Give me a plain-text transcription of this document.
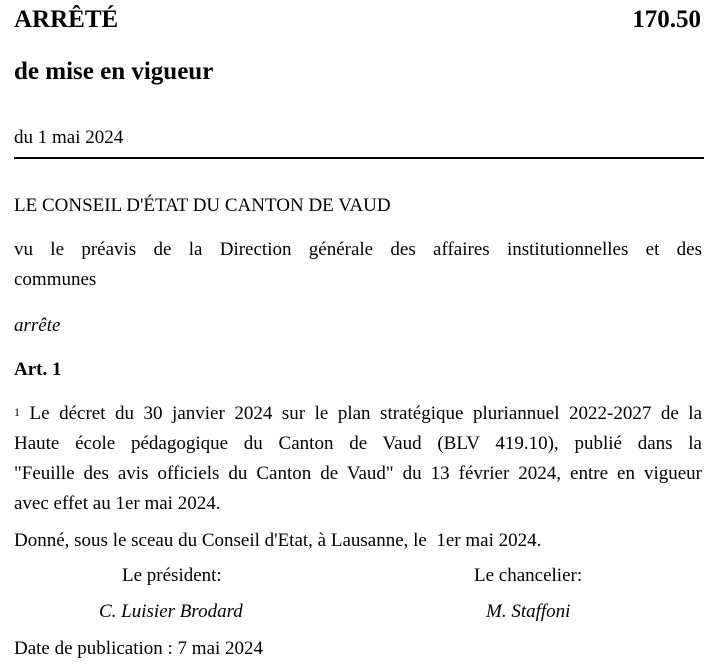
ARRÊTÉ	170.50
de mise en vigueur
du 1 mai 2024
LE CONSEIL D'ÉTAT DU CANTON DE VAUD
vu le préavis de la Direction générale des affaires institutionnelles et des
communes
arrête
Art. 1
$^1$ Le décret du 30 janvier 2024 sur le plan stratégique pluriannuel 2022-2027 de la
Haute école pédagogique du Canton de Vaud (BLV 419.10), publié dans la
"Feuille des avis officiels du Canton de Vaud" du 13 février 2024, entre en vigueur
avec effet au 1er mai 2024.
Donné, sous le sceau du Conseil d'Etat, à Lausanne, le  1er mai 2024.
Le président:	Le chancelier:
C. Luisier Brodard	M. Staffoni
Date de publication : 7 mai 2024
